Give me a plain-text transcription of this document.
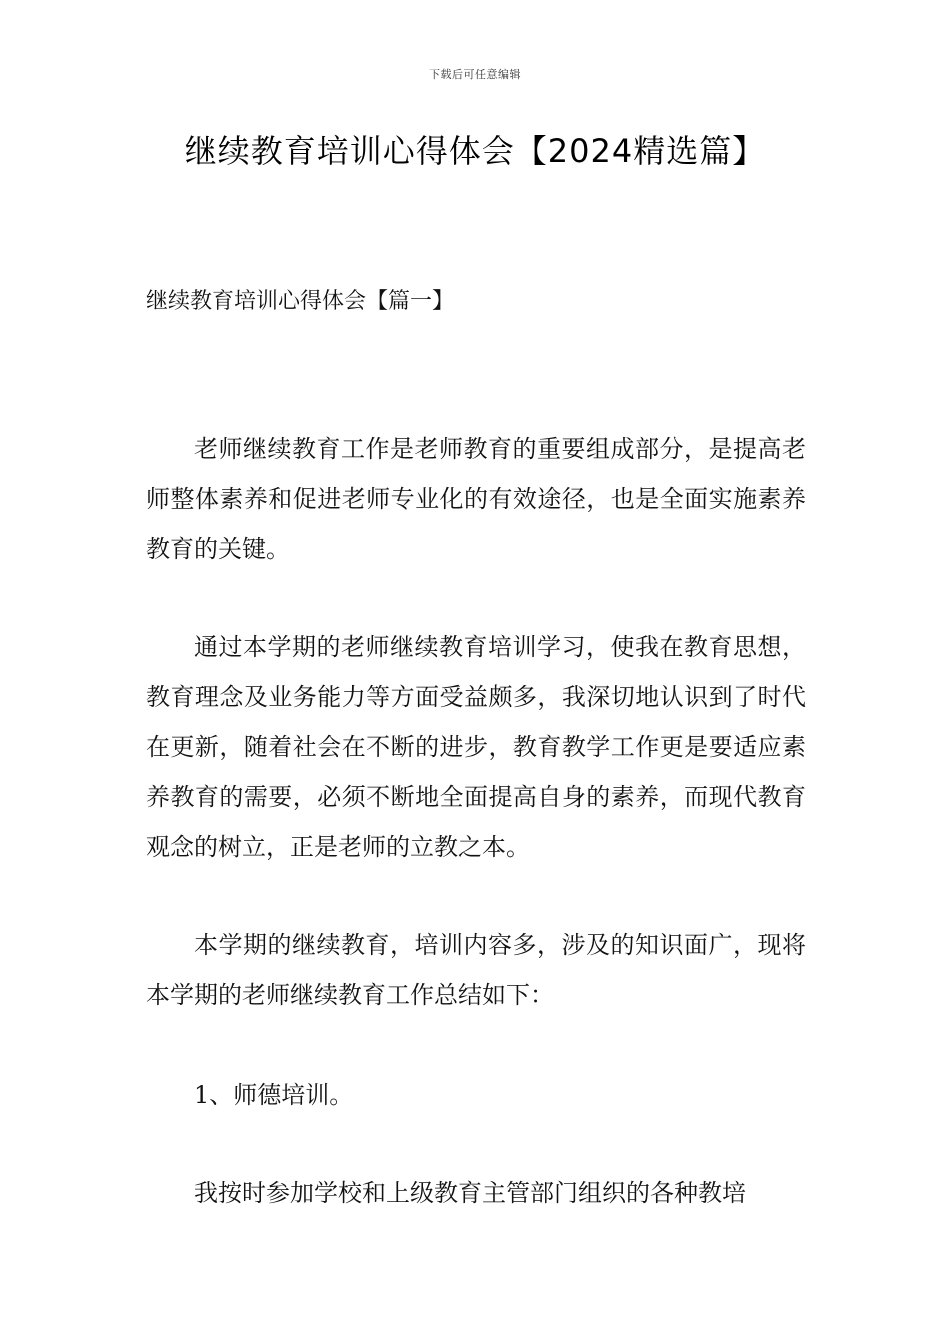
下载后可任意编辑
继续教育培训心得体会【2024精选篇】
继续教育培训心得体会【篇一】

老师继续教育工作是老师教育的重要组成部分，是提高老师整体素养和促进老师专业化的有效途径，也是全面实施素养教育的关键。

通过本学期的老师继续教育培训学习，使我在教育思想，教育理念及业务能力等方面受益颇多，我深切地认识到了时代在更新，随着社会在不断的进步，教育教学工作更是要适应素养教育的需要，必须不断地全面提高自身的素养，而现代教育观念的树立，正是老师的立教之本。

本学期的继续教育，培训内容多，涉及的知识面广，现将本学期的老师继续教育工作总结如下：

1、师德培训。

我按时参加学校和上级教育主管部门组织的各种教培
